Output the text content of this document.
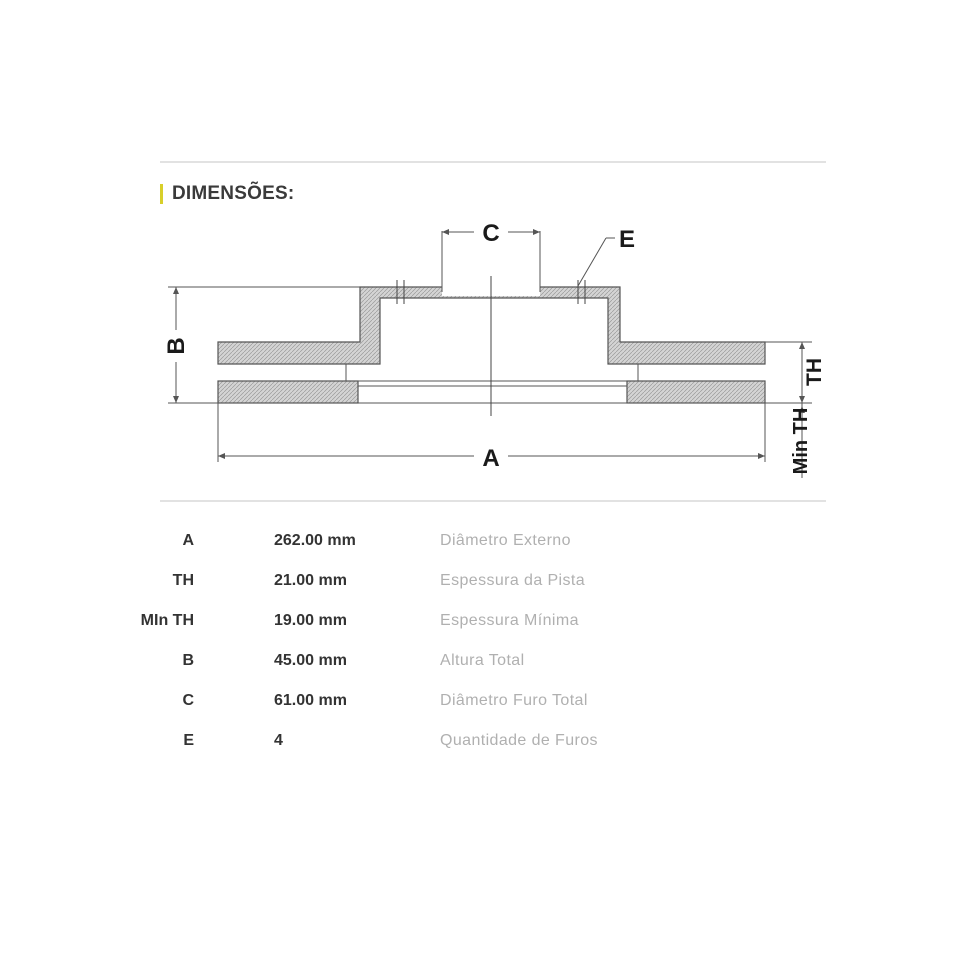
DIMENSÕES:
C	E
B
A
TH
Min TH
A	262.00 mm	Diâmetro Externo
TH	21.00 mm	Espessura da Pista
MIn TH	19.00 mm	Espessura Mínima
B	45.00 mm	Altura Total
C	61.00 mm	Diâmetro Furo Total
E	4	Quantidade de Furos
